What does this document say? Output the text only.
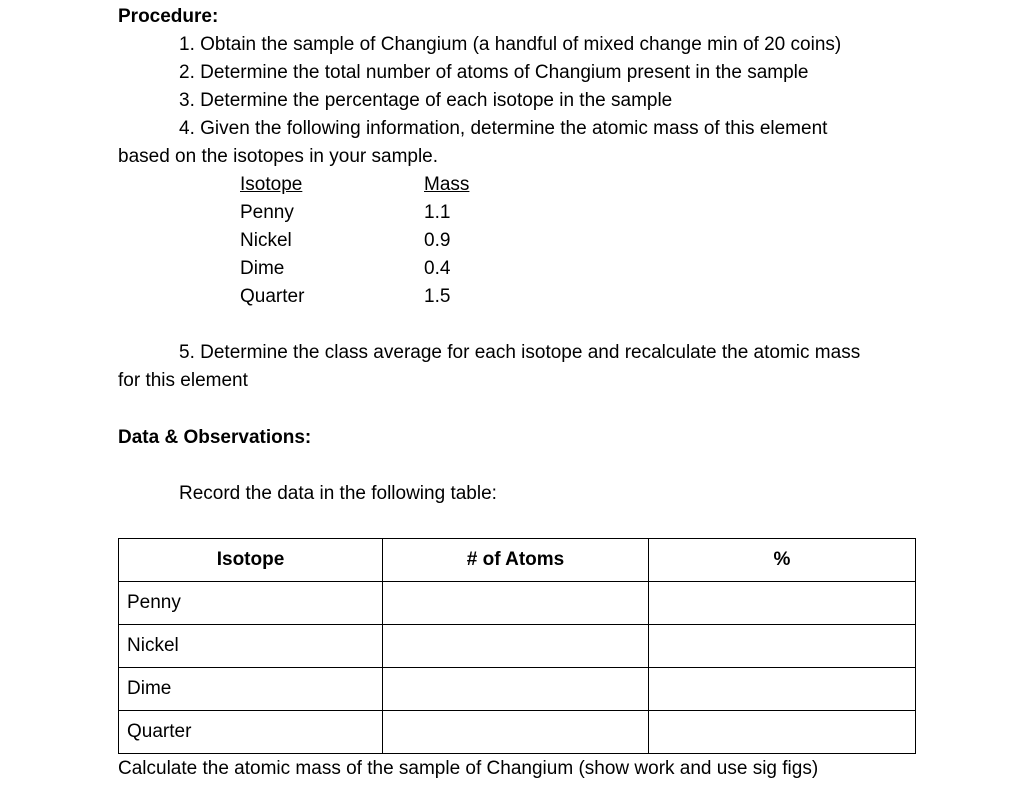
Procedure:
1. Obtain the sample of Changium (a handful of mixed change min of 20 coins)
2. Determine the total number of atoms of Changium present in the sample
3. Determine the percentage of each isotope in the sample
4. Given the following information, determine the atomic mass of this element
based on the isotopes in your sample.
Isotope	Mass
Penny	1.1
Nickel	0.9
Dime	0.4
Quarter	1.5
5. Determine the class average for each isotope and recalculate the atomic mass
for this element
Data & Observations:
Record the data in the following table:
Isotope	# of Atoms	%
Penny		
Nickel		
Dime		
Quarter		
Calculate the atomic mass of the sample of Changium (show work and use sig figs)
